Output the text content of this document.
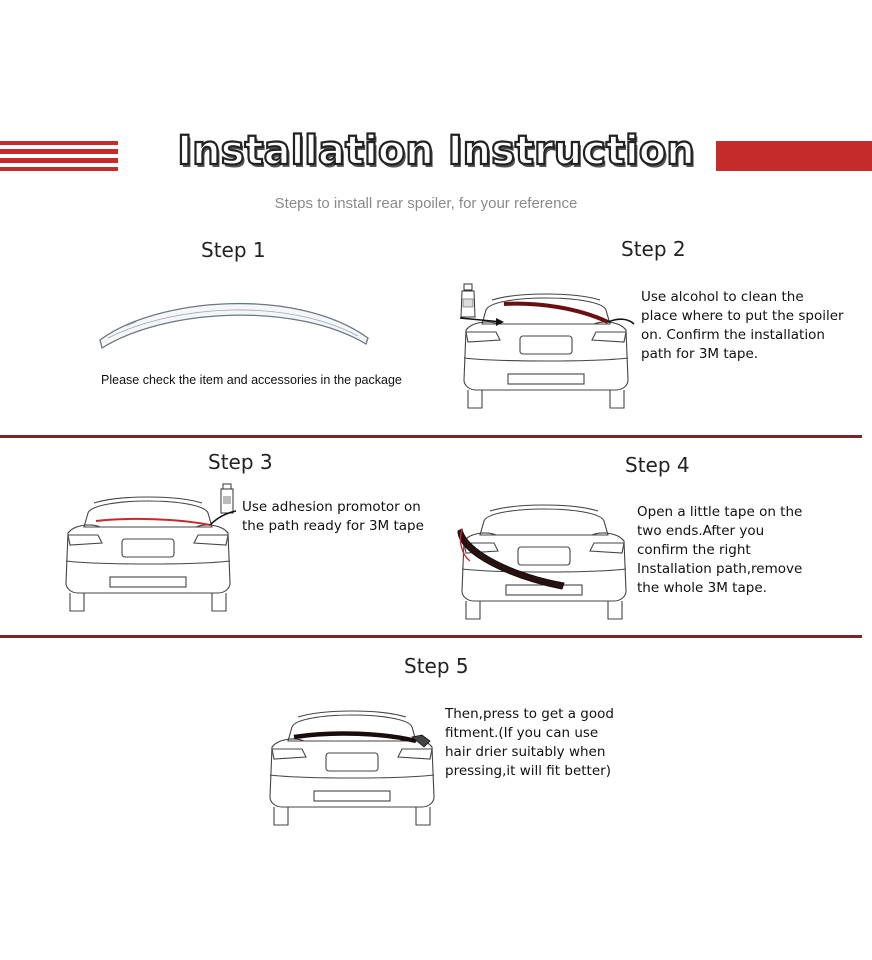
Installation Instruction
Steps to install rear spoiler, for your reference
Step 1
Please check the item and accessories in the package
Step 2
Use alcohol to clean the
place where to put the spoiler
on. Confirm the installation
path for 3M tape.
Step 3
Use adhesion promotor on
the path ready for 3M tape
Step 4
Open a little tape on the
two ends.After you
confirm the right
Installation path,remove
the whole 3M tape.
Step 5
Then,press to get a good
fitment.(If you can use
hair drier suitably when
pressing,it will fit better)
